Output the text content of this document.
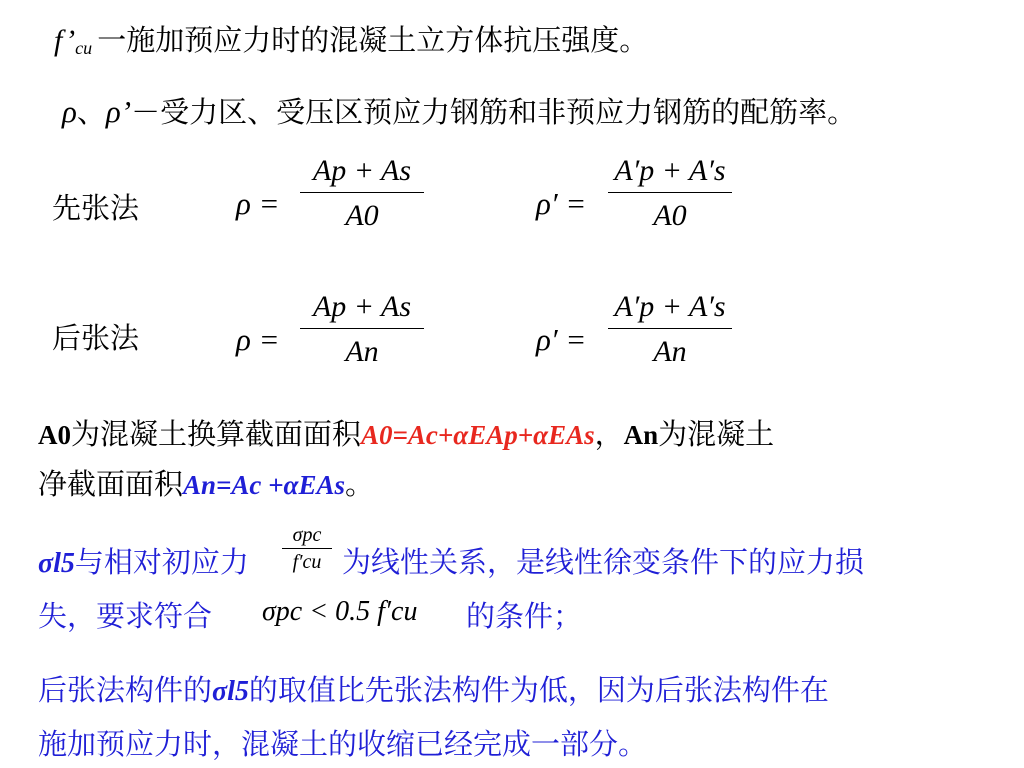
$f’_{cu}$ 一施加预应力时的混凝土立方体抗压强度。
ρ、ρ’－受力区、受压区预应力钢筋和非预应力钢筋的配筋率。
先张法	ρ =
Ap + As
A0	ρ′ =
A′p + A′s
A0
后张法	ρ =
Ap + As
An	ρ′ =
A′p + A′s
An
A0为混凝土换算截面面积A0=Ac+αEAp+αEAs，An为混凝土
净截面面积An=Ac +αEAs。
σl5与相对初应力
σpc
f′cu 为线性关系，是线性徐变条件下的应力损
失，要求符合 σpc < 0.5 f′cu 的条件；
后张法构件的σl5的取值比先张法构件为低，因为后张法构件在
施加预应力时，混凝土的收缩已经完成一部分。
